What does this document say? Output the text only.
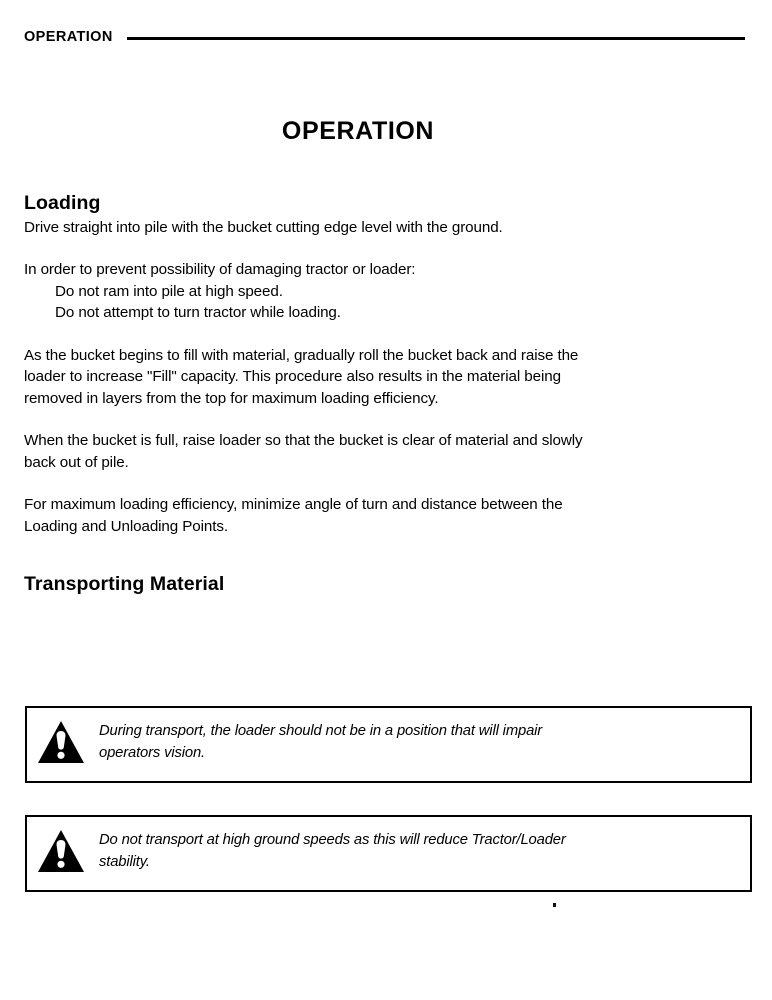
OPERATION
OPERATION
Loading

Drive straight into pile with the bucket cutting edge level with the ground.

In order to prevent possibility of damaging tractor or loader:
Do not ram into pile at high speed.
Do not attempt to turn tractor while loading.

As the bucket begins to fill with material, gradually roll the bucket back and raise the
loader to increase "Fill" capacity. This procedure also results in the material being
removed in layers from the top for maximum loading efficiency.

When the bucket is full, raise loader so that the bucket is clear of material and slowly
back out of pile.

For maximum loading efficiency, minimize angle of turn and distance between the
Loading and Unloading Points.

Transporting Material
During transport, the loader should not be in a position that will impair
operators vision.
Do not transport at high ground speeds as this will reduce Tractor/Loader
stability.
